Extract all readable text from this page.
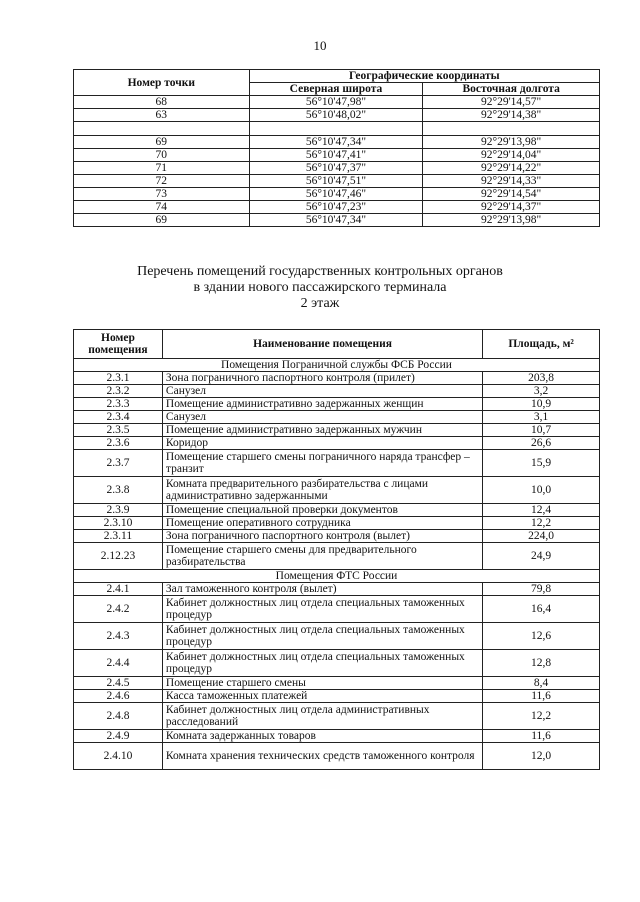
10
Номер точки	Географические координаты	
	Северная широта	Восточная долгота
68	56°10'47,98"	92°29'14,57"
63	56°10'48,02"	92°29'14,38"

69	56°10'47,34"	92°29'13,98"
70	56°10'47,41"	92°29'14,04"
71	56°10'47,37"	92°29'14,22"
72	56°10'47,51"	92°29'14,33"
73	56°10'47,46"	92°29'14,54"
74	56°10'47,23"	92°29'14,37"
69	56°10'47,34"	92°29'13,98"
Перечень помещений государственных контрольных органов
в здании нового пассажирского терминала
2 этаж
Номер помещения	Наименование помещения	Площадь, м²
Помещения Пограничной службы ФСБ России		
2.3.1	Зона пограничного паспортного контроля (прилет)	203,8
2.3.2	Санузел	3,2
2.3.3	Помещение административно задержанных женщин	10,9
2.3.4	Санузел	3,1
2.3.5	Помещение административно задержанных мужчин	10,7
2.3.6	Коридор	26,6
2.3.7	Помещение старшего смены пограничного наряда трансфер –транзит	15,9
2.3.8	Комната предварительного разбирательства с лицами административно задержанными	10,0
2.3.9	Помещение специальной проверки документов	12,4
2.3.10	Помещение оперативного сотрудника	12,2
2.3.11	Зона пограничного паспортного контроля (вылет)	224,0
2.12.23	Помещение старшего смены для предварительного разбирательства	24,9
Помещения ФТС России		
2.4.1	Зал таможенного контроля (вылет)	79,8
2.4.2	Кабинет должностных лиц отдела специальных таможенных процедур	16,4
2.4.3	Кабинет должностных лиц отдела специальных таможенных процедур	12,6
2.4.4	Кабинет должностных лиц отдела специальных таможенных процедур	12,8
2.4.5	Помещение старшего смены	8,4
2.4.6	Касса таможенных платежей	11,6
2.4.8	Кабинет должностных лиц отдела административных расследований	12,2
2.4.9	Комната задержанных товаров	11,6
2.4.10	Комната хранения технических средств таможенного контроля	12,0
